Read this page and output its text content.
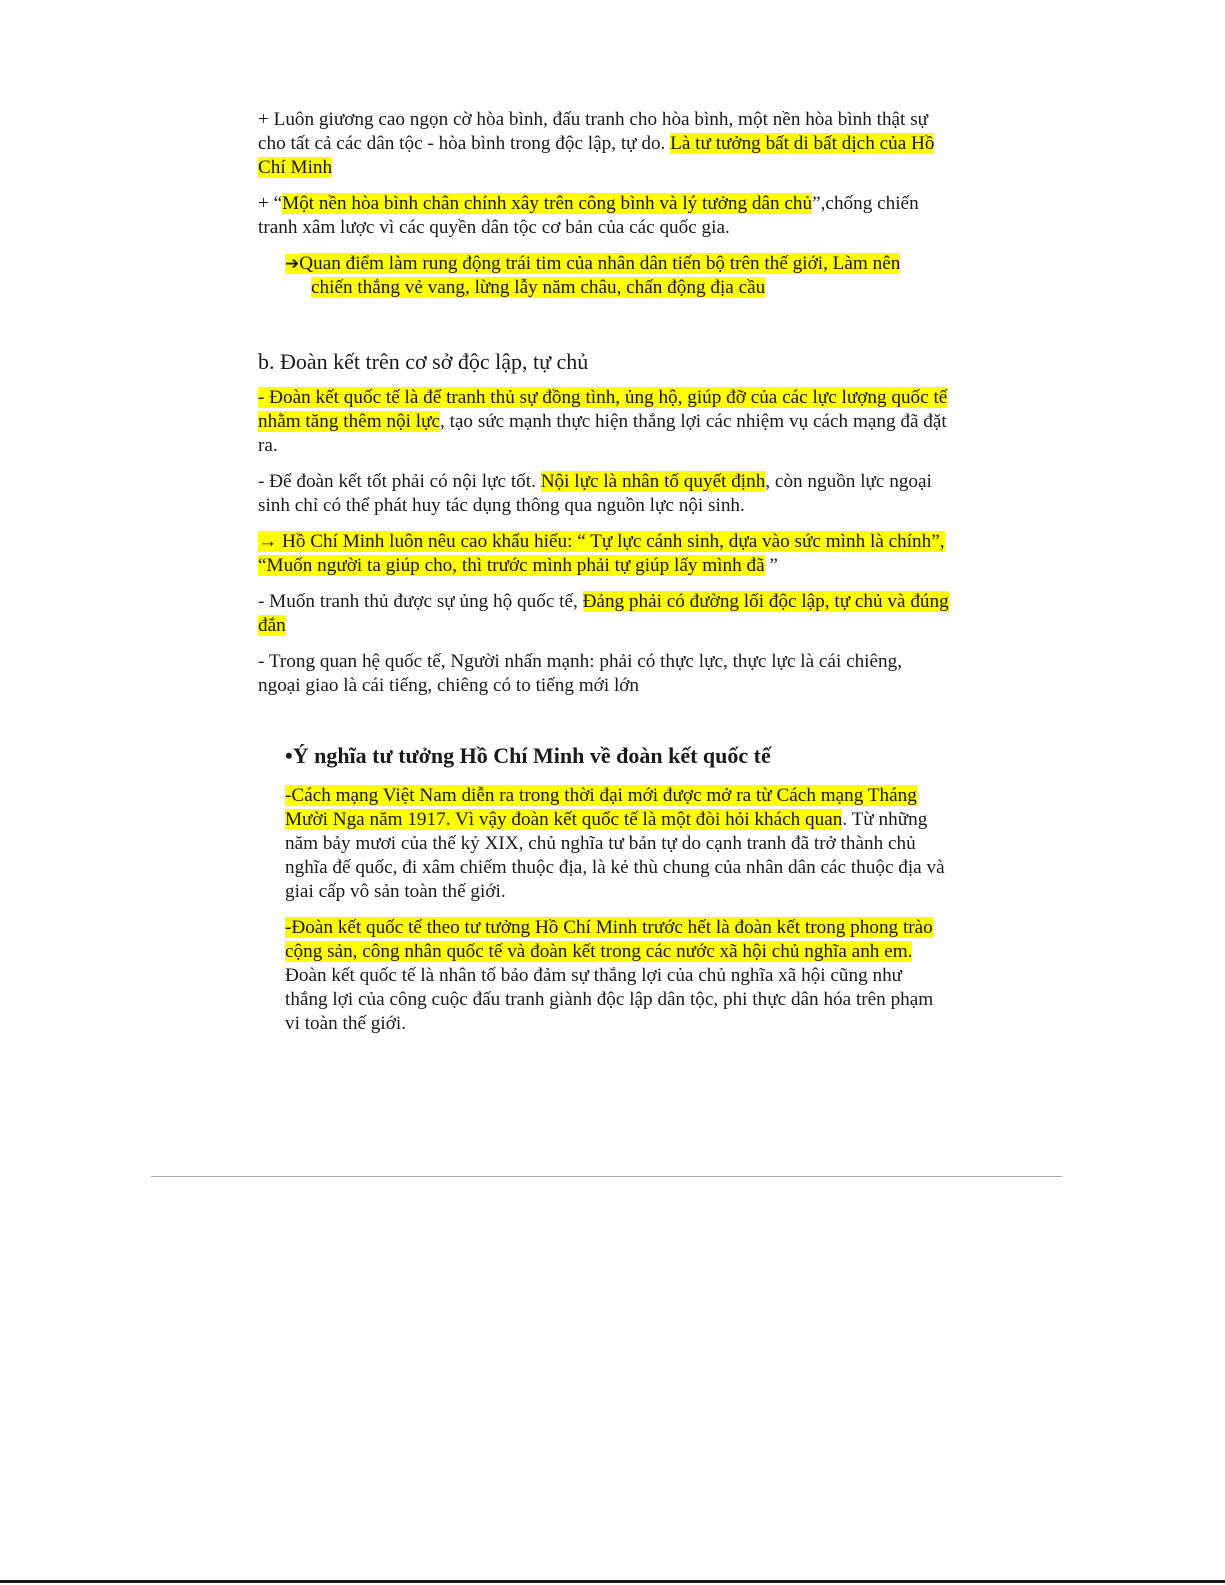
+ Luôn giương cao ngọn cờ hòa bình, đấu tranh cho hòa bình, một nền hòa bình thật sự
cho tất cả các dân tộc - hòa bình trong độc lập, tự do. Là tư tưởng bất di bất dịch của Hồ
Chí Minh
+ “Một nền hòa bình chân chính xây trên công bình và lý tưởng dân chủ”,chống chiến
tranh xâm lược vì các quyền dân tộc cơ bản của các quốc gia.
➔Quan điểm làm rung động trái tim của nhân dân tiến bộ trên thế giới, Làm nên
chiến thắng vẻ vang, lừng lẫy năm châu, chấn động địa cầu
b. Đoàn kết trên cơ sở độc lập, tự chủ
- Đoàn kết quốc tế là để tranh thủ sự đồng tình, ủng hộ, giúp đỡ của các lực lượng quốc tế
nhằm tăng thêm nội lực, tạo sức mạnh thực hiện thắng lợi các nhiệm vụ cách mạng đã đặt
ra.
- Để đoàn kết tốt phải có nội lực tốt. Nội lực là nhân tố quyết định, còn nguồn lực ngoại
sinh chỉ có thể phát huy tác dụng thông qua nguồn lực nội sinh.
→ Hồ Chí Minh luôn nêu cao khẩu hiểu: “ Tự lực cánh sinh, dựa vào sức mình là chính”,
“Muốn người ta giúp cho, thì trước mình phải tự giúp lấy mình đã ”
- Muốn tranh thủ được sự ủng hộ quốc tế, Đảng phải có đường lối độc lập, tự chủ và đúng
đắn
- Trong quan hệ quốc tế, Người nhấn mạnh: phải có thực lực, thực lực là cái chiêng,
ngoại giao là cái tiếng, chiêng có to tiếng mới lớn
•Ý nghĩa tư tưởng Hồ Chí Minh về đoàn kết quốc tế
-Cách mạng Việt Nam diễn ra trong thời đại mới được mở ra từ Cách mạng Tháng
Mười Nga năm 1917. Vì vậy đoàn kết quốc tế là một đòi hỏi khách quan. Từ những
năm bảy mươi của thế kỷ XIX, chủ nghĩa tư bản tự do cạnh tranh đã trở thành chủ
nghĩa đế quốc, đi xâm chiếm thuộc địa, là kẻ thù chung của nhân dân các thuộc địa và
giai cấp vô sản toàn thế giới.
-Đoàn kết quốc tế theo tư tưởng Hồ Chí Minh trước hết là đoàn kết trong phong trào
cộng sản, công nhân quốc tế và đoàn kết trong các nước xã hội chủ nghĩa anh em.
Đoàn kết quốc tế là nhân tố bảo đảm sự thắng lợi của chủ nghĩa xã hội cũng như
thắng lợi của công cuộc đấu tranh giành độc lập dân tộc, phi thực dân hóa trên phạm
vi toàn thế giới.
